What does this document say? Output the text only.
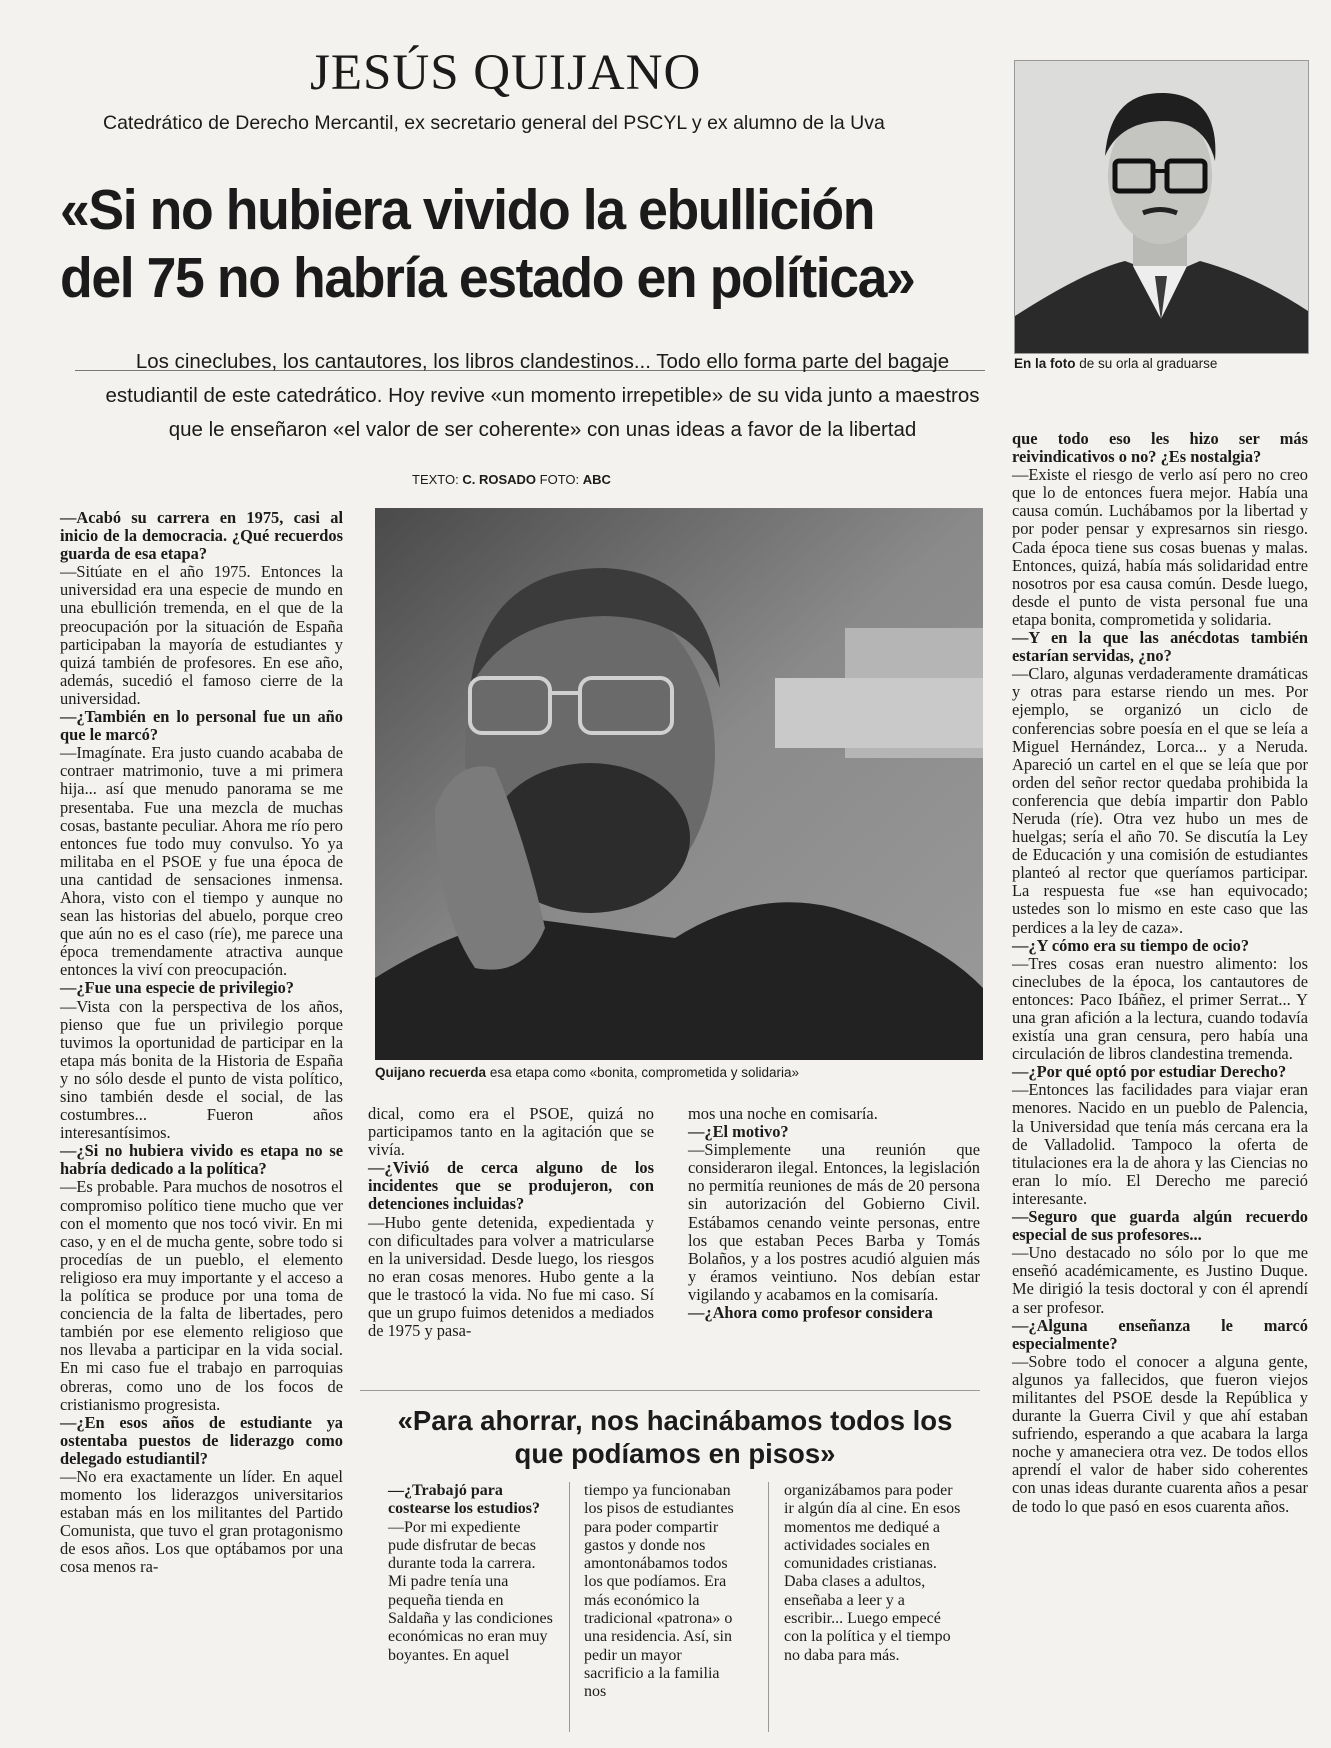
JESÚS QUIJANO
Catedrático de Derecho Mercantil, ex secretario general del PSCYL y ex alumno de la Uva
«Si no hubiera vivido la ebullición del 75 no habría estado en política»
Los cineclubes, los cantautores, los libros clandestinos... Todo ello forma parte del bagaje estudiantil de este catedrático. Hoy revive «un momento irrepetible» de su vida junto a maestros que le enseñaron «el valor de ser coherente» con unas ideas a favor de la libertad
TEXTO: C. ROSADO FOTO: ABC
En la foto de su orla al graduarse
Quijano recuerda esa etapa como «bonita, comprometida y solidaria»

—Acabó su carrera en 1975, casi al inicio de la democracia. ¿Qué recuerdos guarda de esa etapa?

—Sitúate en el año 1975. Entonces la universidad era una especie de mundo en una ebullición tremenda, en el que de la preocupación por la situación de España participaban la mayoría de estudiantes y quizá también de profesores. En ese año, además, sucedió el famoso cierre de la universidad.

—¿También en lo personal fue un año que le marcó?

—Imagínate. Era justo cuando acababa de contraer matrimonio, tuve a mi primera hija... así que menudo panorama se me presentaba. Fue una mezcla de muchas cosas, bastante peculiar. Ahora me río pero entonces fue todo muy convulso. Yo ya militaba en el PSOE y fue una época de una cantidad de sensaciones inmensa. Ahora, visto con el tiempo y aunque no sean las historias del abuelo, porque creo que aún no es el caso (ríe), me parece una época tremendamente atractiva aunque entonces la viví con preocupación.

—¿Fue una especie de privilegio?

—Vista con la perspectiva de los años, pienso que fue un privilegio porque tuvimos la oportunidad de participar en la etapa más bonita de la Historia de España y no sólo desde el punto de vista político, sino también desde el social, de las costumbres... Fueron años interesantísimos.

—¿Si no hubiera vivido es etapa no se habría dedicado a la política?

—Es probable. Para muchos de nosotros el compromiso político tiene mucho que ver con el momento que nos tocó vivir. En mi caso, y en el de mucha gente, sobre todo si procedías de un pueblo, el elemento religioso era muy importante y el acceso a la política se produce por una toma de conciencia de la falta de libertades, pero también por ese elemento religioso que nos llevaba a participar en la vida social. En mi caso fue el trabajo en parroquias obreras, como uno de los focos de cristianismo progresista.

—¿En esos años de estudiante ya ostentaba puestos de liderazgo como delegado estudiantil?

—No era exactamente un líder. En aquel momento los liderazgos universitarios estaban más en los militantes del Partido Comunista, que tuvo el gran protagonismo de esos años. Los que optábamos por una cosa menos ra-

dical, como era el PSOE, quizá no participamos tanto en la agitación que se vivía.

—¿Vivió de cerca alguno de los incidentes que se produjeron, con detenciones incluidas?

—Hubo gente detenida, expedientada y con dificultades para volver a matricularse en la universidad. Desde luego, los riesgos no eran cosas menores. Hubo gente a la que le trastocó la vida. No fue mi caso. Sí que un grupo fuimos detenidos a mediados de 1975 y pasa-

mos una noche en comisaría.

—¿El motivo?

—Simplemente una reunión que consideraron ilegal. Entonces, la legislación no permitía reuniones de más de 20 persona sin autorización del Gobierno Civil. Estábamos cenando veinte personas, entre los que estaban Peces Barba y Tomás Bolaños, y a los postres acudió alguien más y éramos veintiuno. Nos debían estar vigilando y acabamos en la comisaría.

—¿Ahora como profesor considera

que todo eso les hizo ser más reivindicativos o no? ¿Es nostalgia?

—Existe el riesgo de verlo así pero no creo que lo de entonces fuera mejor. Había una causa común. Luchábamos por la libertad y por poder pensar y expresarnos sin riesgo. Cada época tiene sus cosas buenas y malas. Entonces, quizá, había más solidaridad entre nosotros por esa causa común. Desde luego, desde el punto de vista personal fue una etapa bonita, comprometida y solidaria.

—Y en la que las anécdotas también estarían servidas, ¿no?

—Claro, algunas verdaderamente dramáticas y otras para estarse riendo un mes. Por ejemplo, se organizó un ciclo de conferencias sobre poesía en el que se leía a Miguel Hernández, Lorca... y a Neruda. Apareció un cartel en el que se leía que por orden del señor rector quedaba prohibida la conferencia que debía impartir don Pablo Neruda (ríe). Otra vez hubo un mes de huelgas; sería el año 70. Se discutía la Ley de Educación y una comisión de estudiantes planteó al rector que queríamos participar. La respuesta fue «se han equivocado; ustedes son lo mismo en este caso que las perdices a la ley de caza».

—¿Y cómo era su tiempo de ocio?

—Tres cosas eran nuestro alimento: los cineclubes de la época, los cantautores de entonces: Paco Ibáñez, el primer Serrat... Y una gran afición a la lectura, cuando todavía existía una gran censura, pero había una circulación de libros clandestina tremenda.

—¿Por qué optó por estudiar Derecho?

—Entonces las facilidades para viajar eran menores. Nacido en un pueblo de Palencia, la Universidad que tenía más cercana era la de Valladolid. Tampoco la oferta de titulaciones era la de ahora y las Ciencias no eran lo mío. El Derecho me pareció interesante.

—Seguro que guarda algún recuerdo especial de sus profesores...

—Uno destacado no sólo por lo que me enseñó académicamente, es Justino Duque. Me dirigió la tesis doctoral y con él aprendí a ser profesor.

—¿Alguna enseñanza le marcó especialmente?

—Sobre todo el conocer a alguna gente, algunos ya fallecidos, que fueron viejos militantes del PSOE desde la República y durante la Guerra Civil y que ahí estaban sufriendo, esperando a que acabara la larga noche y amaneciera otra vez. De todos ellos aprendí el valor de haber sido coherentes con unas ideas durante cuarenta años a pesar de todo lo que pasó en esos cuarenta años.

«Para ahorrar, nos hacinábamos todos los que podíamos en pisos»

—¿Trabajó para costearse los estudios?

—Por mi expediente pude disfrutar de becas durante toda la carrera. Mi padre tenía una pequeña tienda en Saldaña y las condiciones económicas no eran muy boyantes. En aquel

tiempo ya funcionaban los pisos de estudiantes para poder compartir gastos y donde nos amontonábamos todos los que podíamos. Era más económico la tradicional «patrona» o una residencia. Así, sin pedir un mayor sacrificio a la familia nos

organizábamos para poder ir algún día al cine. En esos momentos me dediqué a actividades sociales en comunidades cristianas. Daba clases a adultos, enseñaba a leer y a escribir... Luego empecé con la política y el tiempo no daba para más.
